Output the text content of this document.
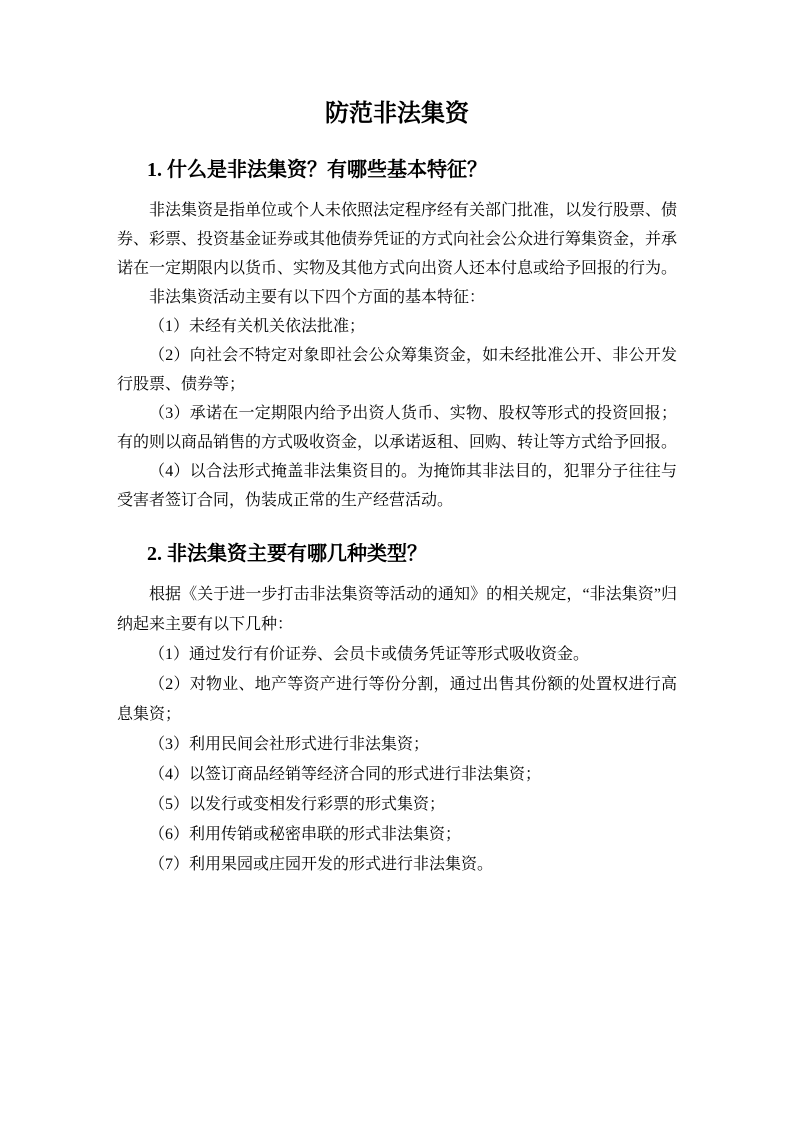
防范非法集资
1. 什么是非法集资？有哪些基本特征？

非法集资是指单位或个人未依照法定程序经有关部门批准，以发行股票、债券、彩票、投资基金证券或其他债券凭证的方式向社会公众进行筹集资金，并承诺在一定期限内以货币、实物及其他方式向出资人还本付息或给予回报的行为。

非法集资活动主要有以下四个方面的基本特征：

（1）未经有关机关依法批准；

（2）向社会不特定对象即社会公众筹集资金，如未经批准公开、非公开发行股票、债券等；

（3）承诺在一定期限内给予出资人货币、实物、股权等形式的投资回报；有的则以商品销售的方式吸收资金，以承诺返租、回购、转让等方式给予回报。

（4）以合法形式掩盖非法集资目的。为掩饰其非法目的，犯罪分子往往与受害者签订合同，伪装成正常的生产经营活动。

2. 非法集资主要有哪几种类型？

根据《关于进一步打击非法集资等活动的通知》的相关规定，“非法集资”归纳起来主要有以下几种：

（1）通过发行有价证券、会员卡或债务凭证等形式吸收资金。

（2）对物业、地产等资产进行等份分割，通过出售其份额的处置权进行高息集资；

（3）利用民间会社形式进行非法集资；

（4）以签订商品经销等经济合同的形式进行非法集资；

（5）以发行或变相发行彩票的形式集资；

（6）利用传销或秘密串联的形式非法集资；

（7）利用果园或庄园开发的形式进行非法集资。
